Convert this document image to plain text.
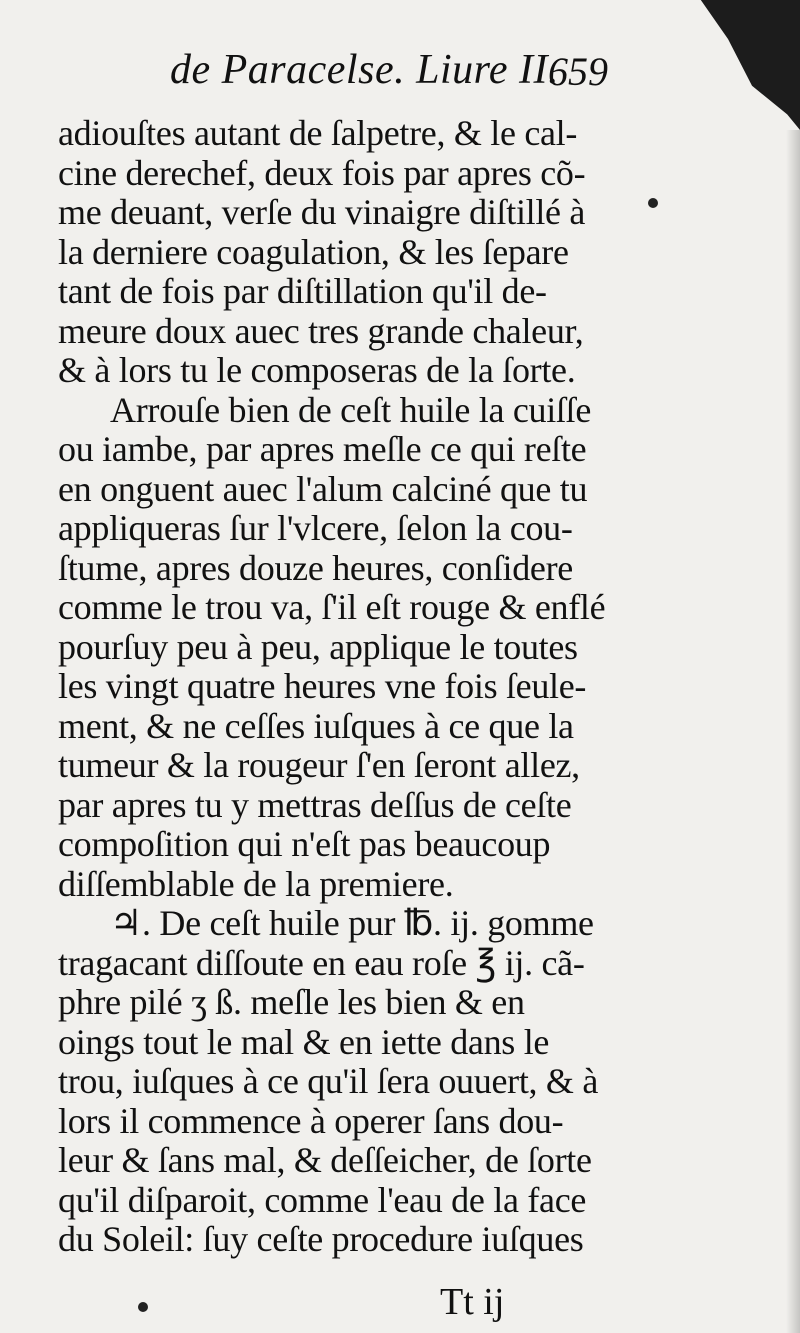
de Paracelse. Liure II.
659
adiouſtes autant de ſalpetre, & le cal-
cine derechef, deux fois par apres cõ-
me deuant, verſe du vinaigre diſtillé à
la derniere coagulation, & les ſepare
tant de fois par diſtillation qu'il de-
meure doux auec tres grande chaleur,
& à lors tu le composeras de la ſorte.
Arrouſe bien de ceſt huile la cuiſſe
ou iambe, par apres meſle ce qui reſte
en onguent auec l'alum calciné que tu
appliqueras ſur l'vlcere, ſelon la cou-
ſtume, apres douze heures, conſidere
comme le trou va, ſ'il eſt rouge & enflé
pourſuy peu à peu, applique le toutes
les vingt quatre heures vne fois ſeule-
ment, & ne ceſſes iuſques à ce que la
tumeur & la rougeur ſ'en ſeront allez,
par apres tu y mettras deſſus de ceſte
compoſition qui n'eſt pas beaucoup
diſſemblable de la premiere.
♃. De ceſt huile pur ℔. ij. gomme
tragacant diſſoute en eau roſe ℥ ij. cã-
phre pilé ʒ ß. meſle les bien & en
oings tout le mal & en iette dans le
trou, iuſques à ce qu'il ſera ouuert, & à
lors il commence à operer ſans dou-
leur & ſans mal, & deſſeicher, de ſorte
qu'il diſparoit, comme l'eau de la face
du Soleil: ſuy ceſte procedure iuſques
Tt ij
